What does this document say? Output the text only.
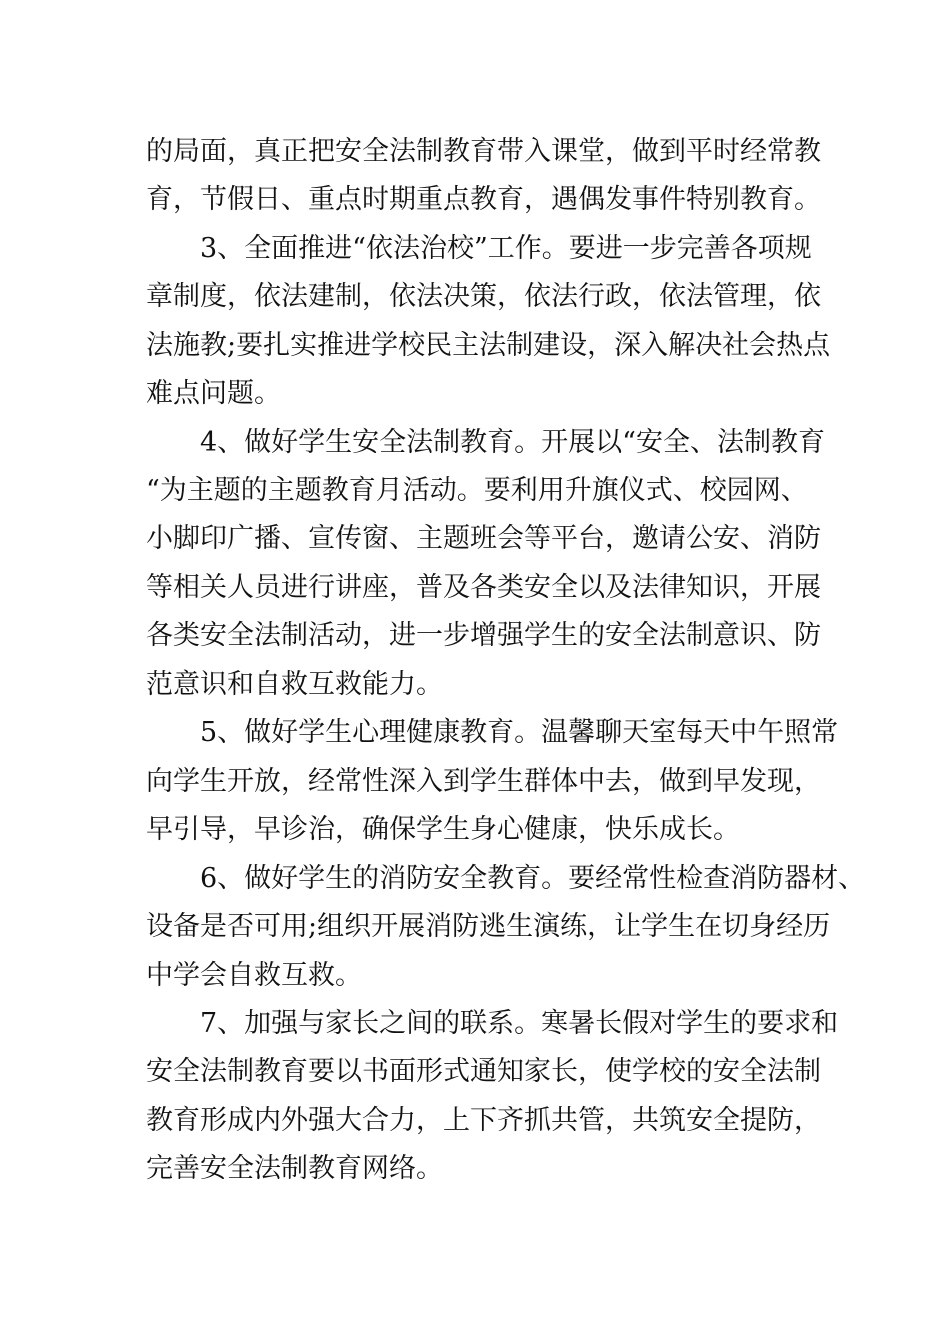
的局面，真正把安全法制教育带入课堂，做到平时经常教
育，节假日、重点时期重点教育，遇偶发事件特别教育。
3、全面推进“依法治校”工作。要进一步完善各项规
章制度，依法建制，依法决策，依法行政，依法管理，依
法施教;要扎实推进学校民主法制建设，深入解决社会热点
难点问题。
4、做好学生安全法制教育。开展以“安全、法制教育
“为主题的主题教育月活动。要利用升旗仪式、校园网、
小脚印广播、宣传窗、主题班会等平台，邀请公安、消防
等相关人员进行讲座，普及各类安全以及法律知识，开展
各类安全法制活动，进一步增强学生的安全法制意识、防
范意识和自救互救能力。
5、做好学生心理健康教育。温馨聊天室每天中午照常
向学生开放，经常性深入到学生群体中去，做到早发现，
早引导，早诊治，确保学生身心健康，快乐成长。
6、做好学生的消防安全教育。要经常性检查消防器材、
设备是否可用;组织开展消防逃生演练，让学生在切身经历
中学会自救互救。
7、加强与家长之间的联系。寒暑长假对学生的要求和
安全法制教育要以书面形式通知家长，使学校的安全法制
教育形成内外强大合力，上下齐抓共管，共筑安全提防，
完善安全法制教育网络。
